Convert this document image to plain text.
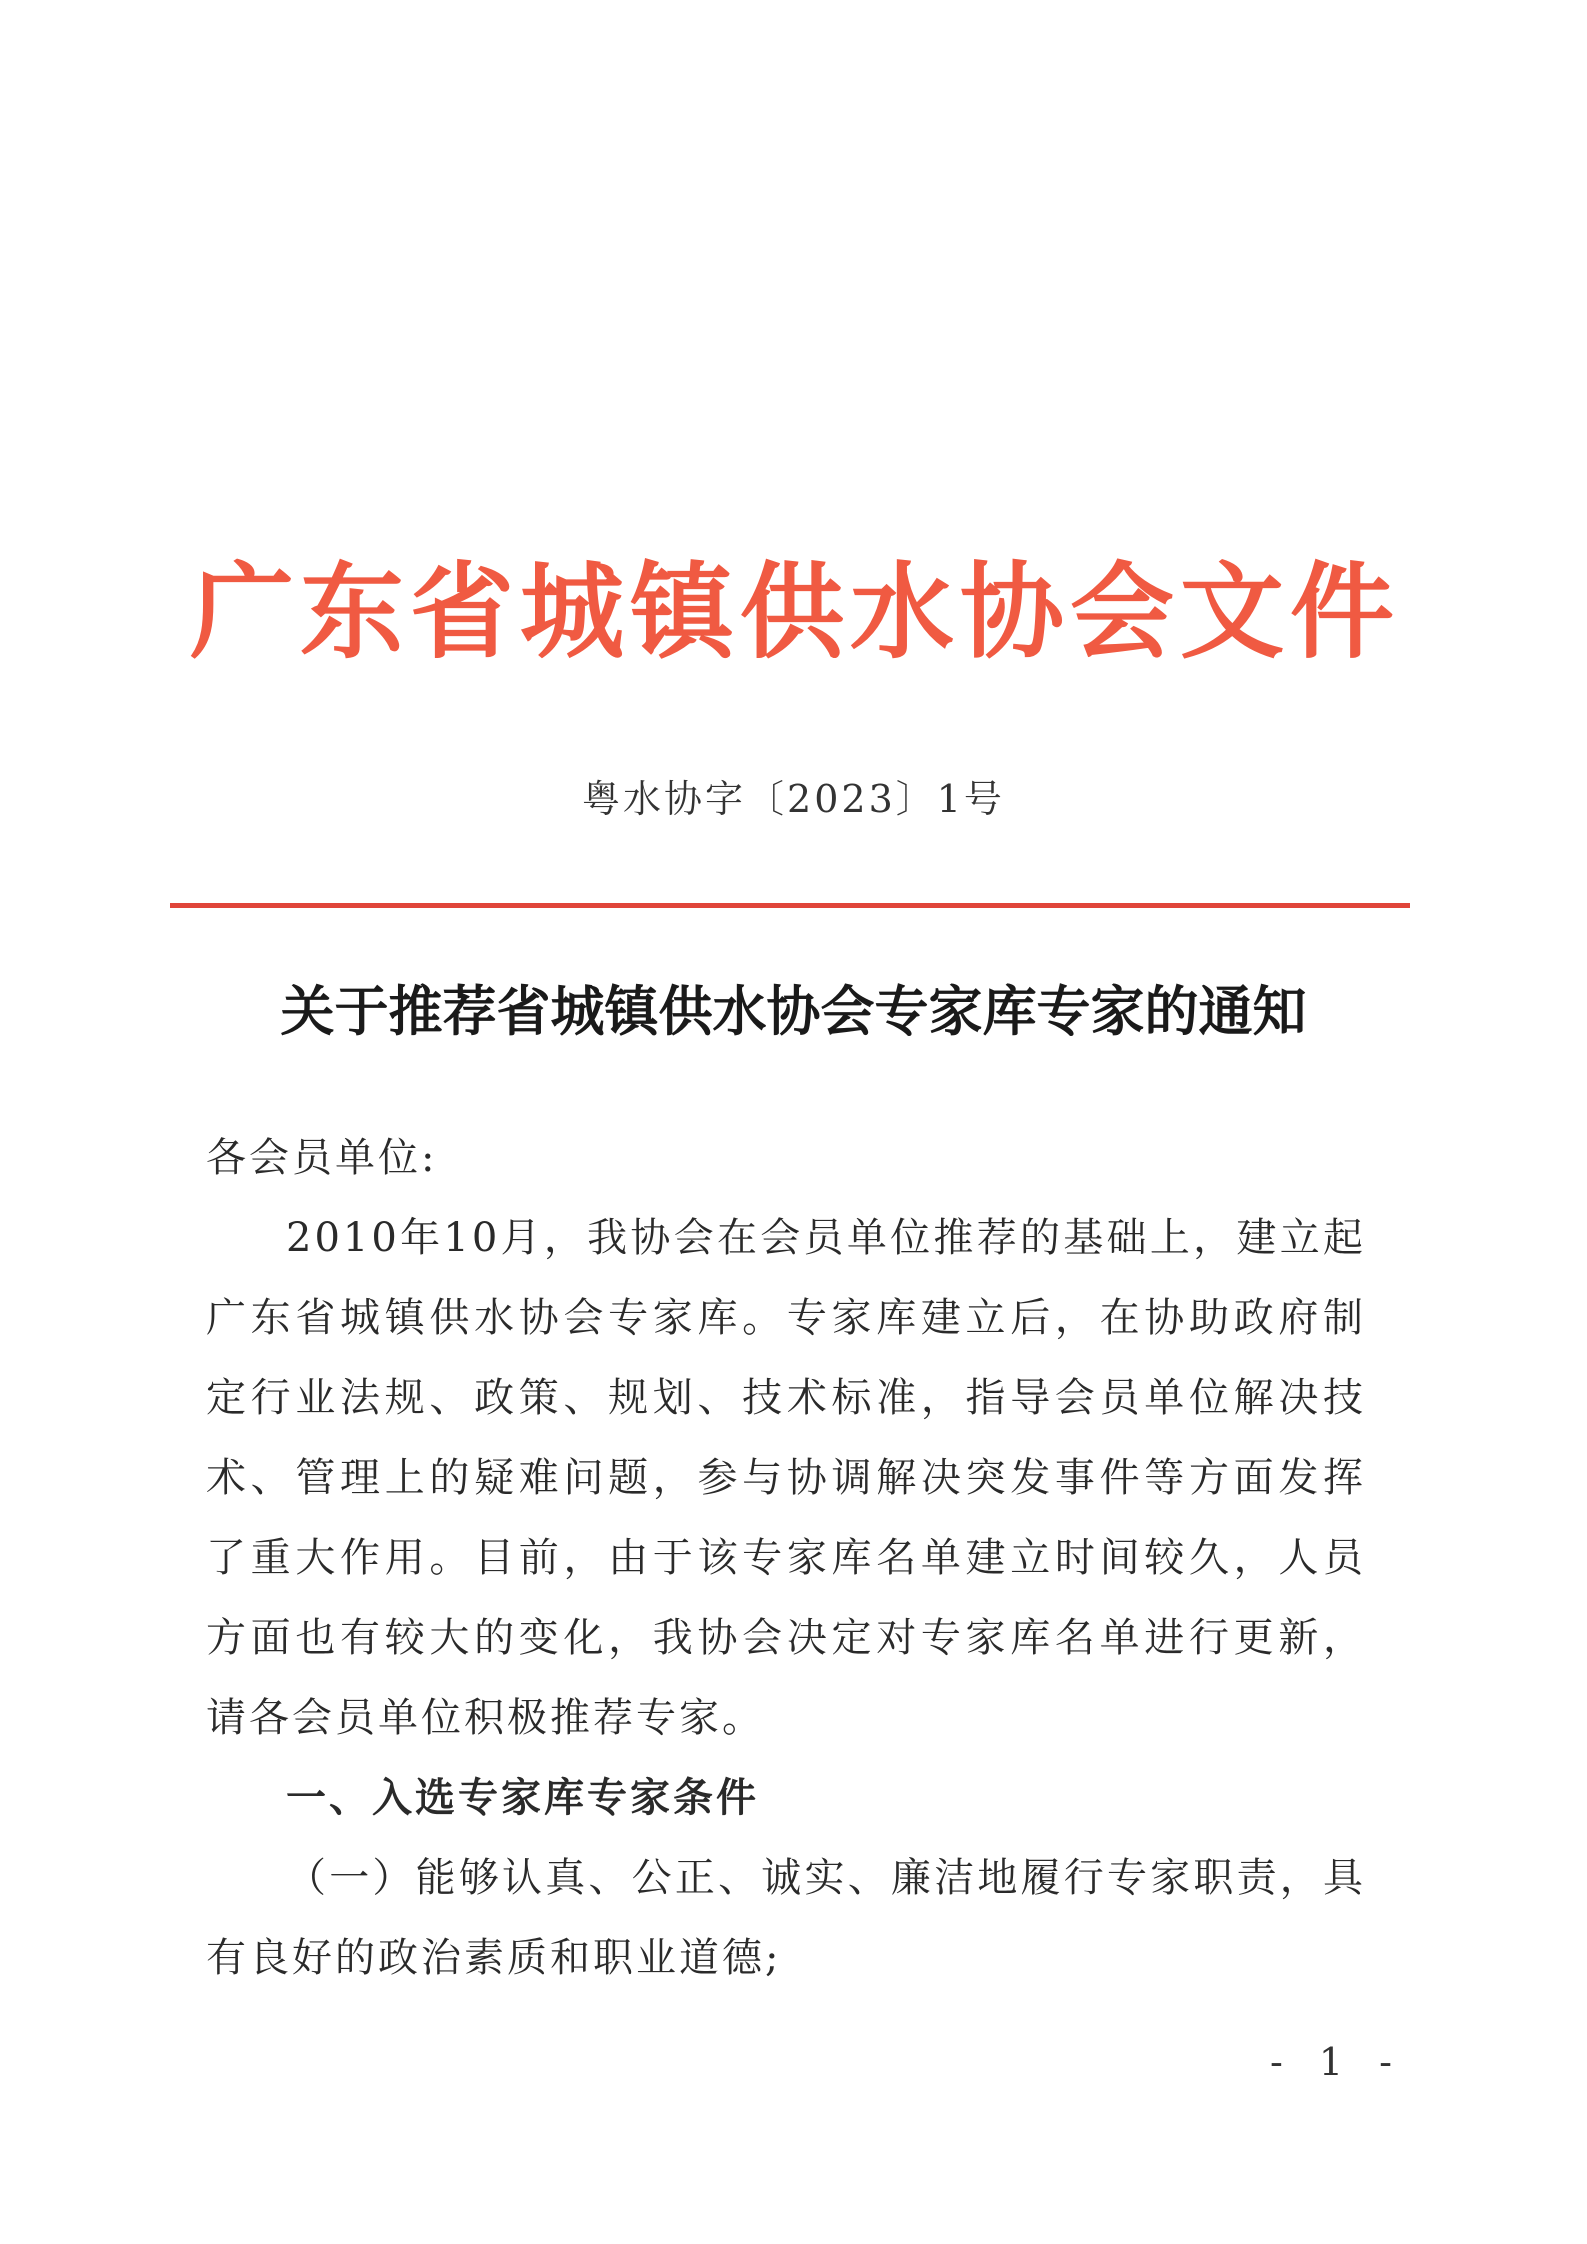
广东省城镇供水协会文件
粤水协字〔2023〕1号
关于推荐省城镇供水协会专家库专家的通知

各会员单位:

2010年10月，我协会在会员单位推荐的基础上，建立起广东省城镇供水协会专家库。专家库建立后，在协助政府制定行业法规、政策、规划、技术标准，指导会员单位解决技术、管理上的疑难问题，参与协调解决突发事件等方面发挥了重大作用。目前，由于该专家库名单建立时间较久，人员方面也有较大的变化，我协会决定对专家库名单进行更新，请各会员单位积极推荐专家。

一、入选专家库专家条件

（一）能够认真、公正、诚实、廉洁地履行专家职责，具有良好的政治素质和职业道德;

- 1 -
